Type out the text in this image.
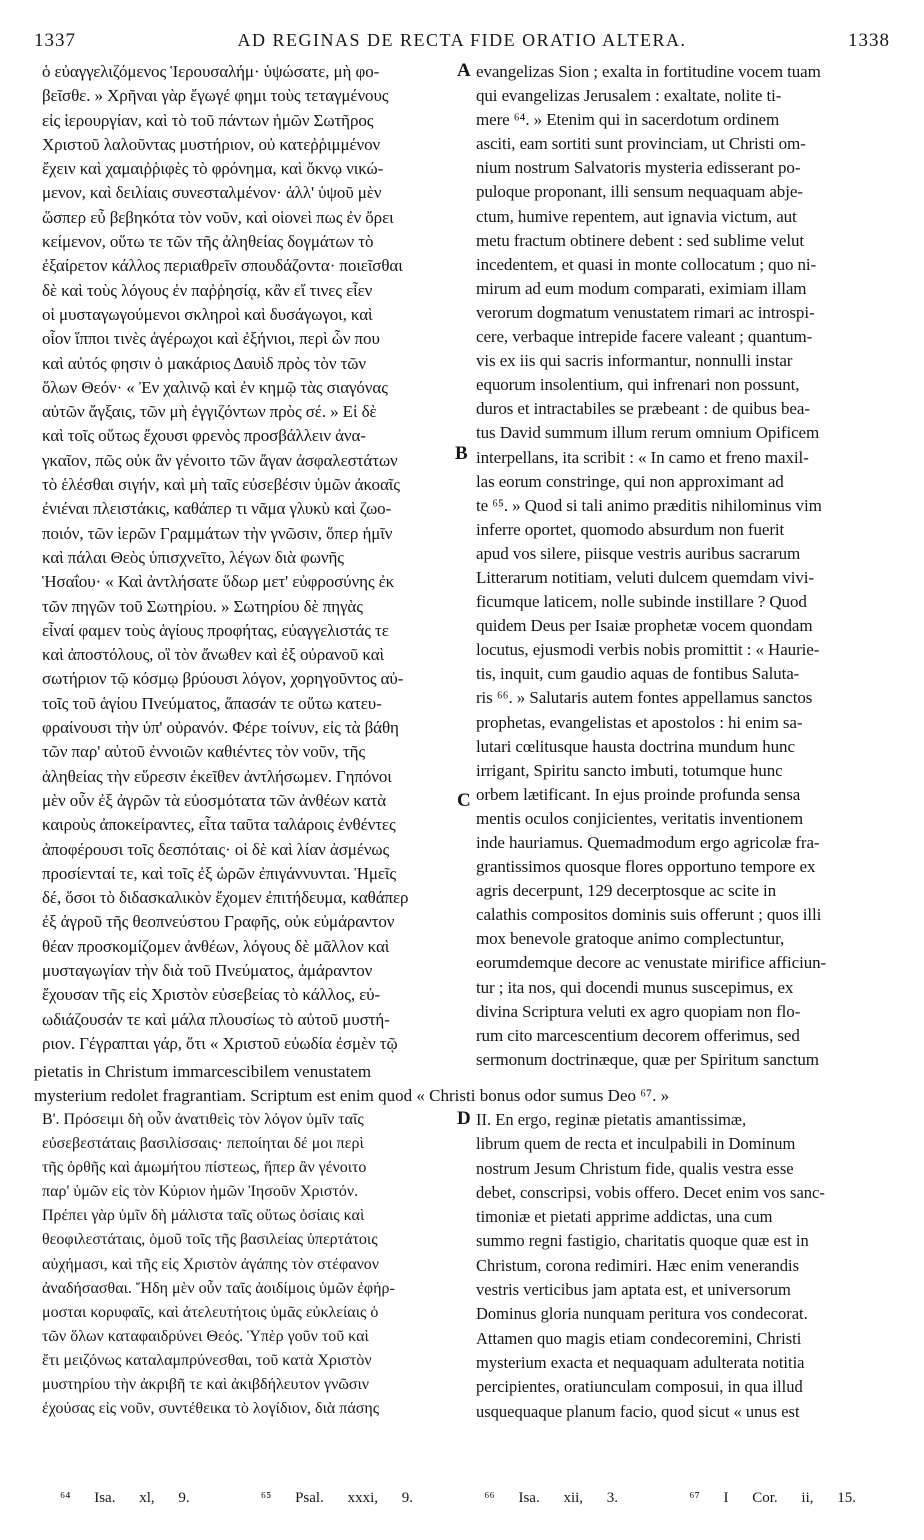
1337	AD REGINAS DE RECTA FIDE ORATIO ALTERA.	1338
A
B
C
D
ὁ εὐαγγελιζόμενος Ἱερουσαλήμ· ὑψώσατε, μὴ φο-
βεῖσθε. » Χρῆναι γὰρ ἔγωγέ φημι τοὺς τεταγμένους
εἰς ἱερουργίαν, καὶ τὸ τοῦ πάντων ἡμῶν Σωτῆρος
Χριστοῦ λαλοῦντας μυστήριον, οὐ κατεῤῥιμμένον
ἔχειν καὶ χαμαιῤῥιφὲς τὸ φρόνημα, καὶ ὄκνῳ νικώ-
μενον, καὶ δειλίαις συνεσταλμένον· ἀλλ' ὑψοῦ μὲν
ὥσπερ εὖ βεβηκότα τὸν νοῦν, καὶ οἱονεὶ πως ἐν ὄρει
κείμενον, οὕτω τε τῶν τῆς ἀληθείας δογμάτων τὸ
ἐξαίρετον κάλλος περιαθρεῖν σπουδάζοντα· ποιεῖσθαι
δὲ καὶ τοὺς λόγους ἐν παῤῥησίᾳ, κἂν εἴ τινες εἶεν
οἱ μυσταγωγούμενοι σκληροὶ καὶ δυσάγωγοι, καὶ
οἷον ἵπποι τινὲς ἀγέρωχοι καὶ ἐξήνιοι, περὶ ὧν που
καὶ αὐτός φησιν ὁ μακάριος Δαυὶδ πρὸς τὸν τῶν
ὅλων Θεόν· « Ἐν χαλινῷ καὶ ἐν κημῷ τὰς σιαγόνας
αὐτῶν ἄγξαις, τῶν μὴ ἐγγιζόντων πρὸς σέ. » Εἰ δὲ
καὶ τοῖς οὕτως ἔχουσι φρενὸς προσβάλλειν ἀνα-
γκαῖον, πῶς οὐκ ἂν γένοιτο τῶν ἄγαν ἀσφαλεστάτων
τὸ ἑλέσθαι σιγήν, καὶ μὴ ταῖς εὐσεβέσιν ὑμῶν ἀκοαῖς
ἐνιέναι πλειστάκις, καθάπερ τι νᾶμα γλυκὺ καὶ ζωο-
ποιόν, τῶν ἱερῶν Γραμμάτων τὴν γνῶσιν, ὅπερ ἡμῖν
καὶ πάλαι Θεὸς ὑπισχνεῖτο, λέγων διὰ φωνῆς
Ἡσαΐου· « Καὶ ἀντλήσατε ὕδωρ μετ' εὐφροσύνης ἐκ
τῶν πηγῶν τοῦ Σωτηρίου. » Σωτηρίου δὲ πηγὰς
εἶναί φαμεν τοὺς ἁγίους προφήτας, εὐαγγελιστάς τε
καὶ ἀποστόλους, οἳ τὸν ἄνωθεν καὶ ἐξ οὐρανοῦ καὶ
σωτήριον τῷ κόσμῳ βρύουσι λόγον, χορηγοῦντος αὐ-
τοῖς τοῦ ἁγίου Πνεύματος, ἅπασάν τε οὕτω κατευ-
φραίνουσι τὴν ὑπ' οὐρανόν. Φέρε τοίνυν, εἰς τὰ βάθη
τῶν παρ' αὐτοῦ ἐννοιῶν καθιέντες τὸν νοῦν, τῆς
ἀληθείας τὴν εὕρεσιν ἐκεῖθεν ἀντλήσωμεν. Γηπόνοι
μὲν οὖν ἐξ ἀγρῶν τὰ εὐοσμότατα τῶν ἀνθέων κατὰ
καιροὺς ἀποκείραντες, εἶτα ταῦτα ταλάροις ἐνθέντες
ἀποφέρουσι τοῖς δεσπόταις· οἱ δὲ καὶ λίαν ἀσμένως
προσίενταί τε, καὶ τοῖς ἐξ ὡρῶν ἐπιγάννυνται. Ἡμεῖς
δέ, ὅσοι τὸ διδασκαλικὸν ἔχομεν ἐπιτήδευμα, καθάπερ
ἐξ ἀγροῦ τῆς θεοπνεύστου Γραφῆς, οὐκ εὐμάραντον
θέαν προσκομίζομεν ἀνθέων, λόγους δὲ μᾶλλον καὶ
μυσταγωγίαν τὴν διὰ τοῦ Πνεύματος, ἀμάραντον
ἔχουσαν τῆς εἰς Χριστὸν εὐσεβείας τὸ κάλλος, εὐ-
ωδιάζουσάν τε καὶ μάλα πλουσίως τὸ αὐτοῦ μυστή-
ριον. Γέγραπται γάρ, ὅτι « Χριστοῦ εὐωδία ἐσμὲν τῷ

evangelizas Sion ; exalta in fortitudine vocem tuam
qui evangelizas Jerusalem : exaltate, nolite ti-
mere ⁶⁴. » Etenim qui in sacerdotum ordinem
asciti, eam sortiti sunt provinciam, ut Christi om-
nium nostrum Salvatoris mysteria edisserant po-
puloque proponant, illi sensum nequaquam abje-
ctum, humive repentem, aut ignavia victum, aut
metu fractum obtinere debent : sed sublime velut
incedentem, et quasi in monte collocatum ; quo ni-
mirum ad eum modum comparati, eximiam illam
verorum dogmatum venustatem rimari ac introspi-
cere, verbaque intrepide facere valeant ; quantum-
vis ex iis qui sacris informantur, nonnulli instar
equorum insolentium, qui infrenari non possunt,
duros et intractabiles se præbeant : de quibus bea-
tus David summum illum rerum omnium Opificem
interpellans, ita scribit : « In camo et freno maxil-
las eorum constringe, qui non approximant ad
te ⁶⁵. » Quod si tali animo præditis nihilominus vim
inferre oportet, quomodo absurdum non fuerit
apud vos silere, piisque vestris auribus sacrarum
Litterarum notitiam, veluti dulcem quemdam vivi-
ficumque laticem, nolle subinde instillare ? Quod
quidem Deus per Isaiæ prophetæ vocem quondam
locutus, ejusmodi verbis nobis promittit : « Haurie-
tis, inquit, cum gaudio aquas de fontibus Saluta-
ris ⁶⁶. » Salutaris autem fontes appellamus sanctos
prophetas, evangelistas et apostolos : hi enim sa-
lutari cœlitusque hausta doctrina mundum hunc
irrigant, Spiritu sancto imbuti, totumque hunc
orbem lætificant. In ejus proinde profunda sensa
mentis oculos conjicientes, veritatis inventionem
inde hauriamus. Quemadmodum ergo agricolæ fra-
grantissimos quosque flores opportuno tempore ex
agris decerpunt, 129 decerptosque ac scite in
calathis compositos dominis suis offerunt ; quos illi
mox benevole gratoque animo complectuntur,
eorumdemque decore ac venustate mirifice afficiun-
tur ; ita nos, qui docendi munus suscepimus, ex
divina Scriptura veluti ex agro quopiam non flo-
rum cito marcescentium decorem offerimus, sed
sermonum doctrinæque, quæ per Spiritum sanctum

pietatis in Christum immarcescibilem venustatem
mysterium redolet fragrantiam. Scriptum est enim quod « Christi bonus odor sumus Deo ⁶⁷. »
Β'. Πρόσειμι δὴ οὖν ἀνατιθεὶς τὸν λόγον ὑμῖν ταῖς
εὐσεβεστάταις βασιλίσσαις· πεποίηται δέ μοι περὶ
τῆς ὀρθῆς καὶ ἀμωμήτου πίστεως, ἥπερ ἂν γένοιτο
παρ' ὑμῶν εἰς τὸν Κύριον ἡμῶν Ἰησοῦν Χριστόν.
Πρέπει γὰρ ὑμῖν δὴ μάλιστα ταῖς οὕτως ὁσίαις καὶ
θεοφιλεστάταις, ὁμοῦ τοῖς τῆς βασιλείας ὑπερτάτοις
αὐχήμασι, καὶ τῆς εἰς Χριστὸν ἀγάπης τὸν στέφανον
ἀναδήσασθαι. Ἤδη μὲν οὖν ταῖς ἀοιδίμοις ὑμῶν ἐφήρ-
μοσται κορυφαῖς, καὶ ἀτελευτήτοις ὑμᾶς εὐκλείαις ὁ
τῶν ὅλων καταφαιδρύνει Θεός. Ὑπὲρ γοῦν τοῦ καὶ
ἔτι μειζόνως καταλαμπρύνεσθαι, τοῦ κατὰ Χριστὸν
μυστηρίου τὴν ἀκριβῆ τε καὶ ἀκιβδήλευτον γνῶσιν
ἐχούσας εἰς νοῦν, συντέθεικα τὸ λογίδιον, διὰ πάσης
II. En ergo, reginæ pietatis amantissimæ,
librum quem de recta et inculpabili in Dominum
nostrum Jesum Christum fide, qualis vestra esse
debet, conscripsi, vobis offero. Decet enim vos sanc-
timoniæ et pietati apprime addictas, una cum
summo regni fastigio, charitatis quoque quæ est in
Christum, corona redimiri. Hæc enim venerandis
vestris verticibus jam aptata est, et universorum
Dominus gloria nunquam peritura vos condecorat.
Attamen quo magis etiam condecoremini, Christi
mysterium exacta et nequaquam adulterata notitia
percipientes, oratiunculam composui, in qua illud
usquequaque planum facio, quod sicut « unus est
⁶⁴ Isa. xl, 9.   ⁶⁵ Psal. xxxi, 9.   ⁶⁶ Isa. xii, 3.   ⁶⁷ I Cor. ii, 15.
